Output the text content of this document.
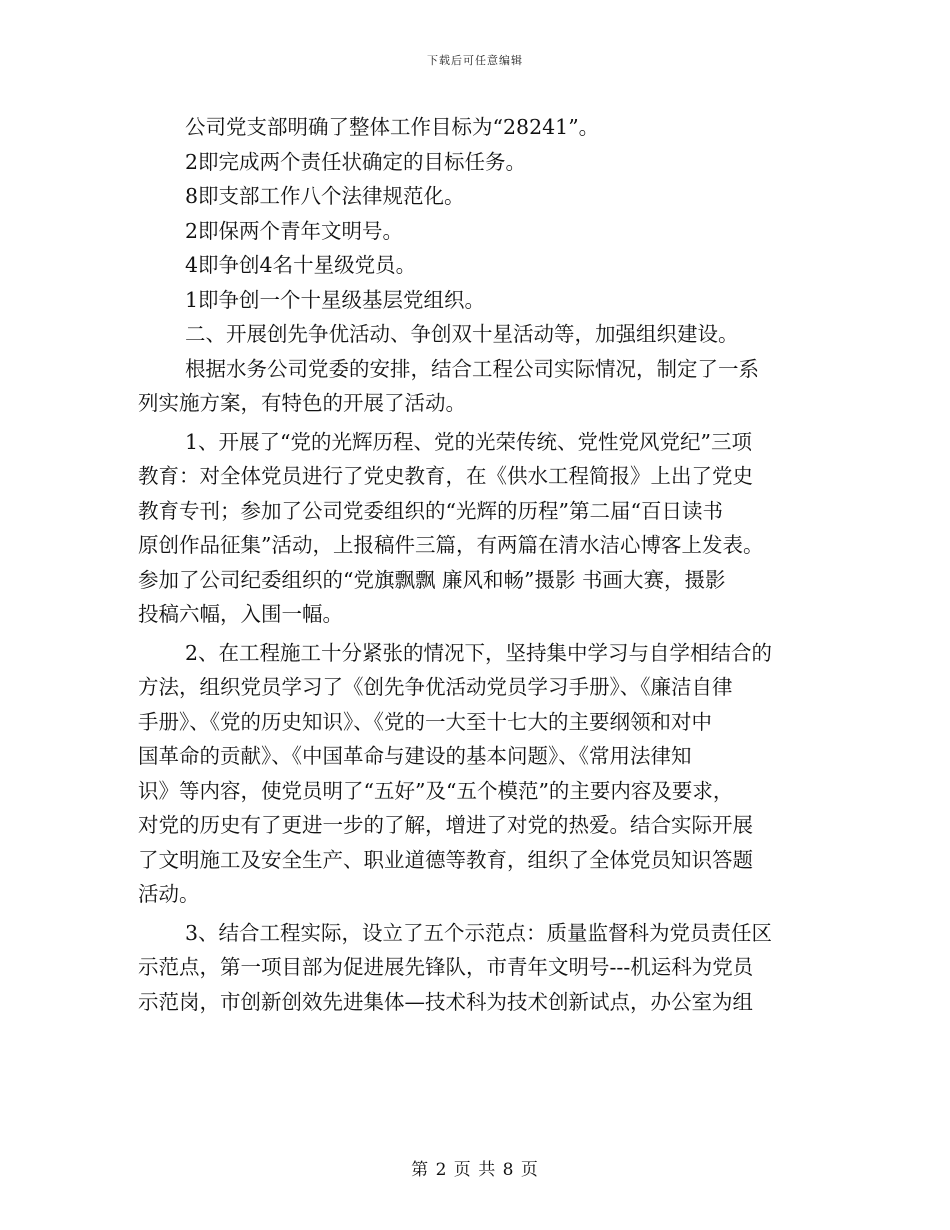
下载后可任意编辑

公司党支部明确了整体工作目标为“28241”。

2即完成两个责任状确定的目标任务。

8即支部工作八个法律规范化。

2即保两个青年文明号。

4即争创4名十星级党员。

1即争创一个十星级基层党组织。

二、开展创先争优活动、争创双十星活动等，加强组织建设。

根据水务公司党委的安排，结合工程公司实际情况，制定了一系

列实施方案，有特色的开展了活动。

1、开展了“党的光辉历程、党的光荣传统、党性党风党纪”三项

教育：对全体党员进行了党史教育，在《供水工程简报》上出了党史

教育专刊；参加了公司党委组织的“光辉的历程”第二届“百日读书

原创作品征集”活动，上报稿件三篇，有两篇在清水洁心博客上发表。

参加了公司纪委组织的“党旗飘飘 廉风和畅”摄影 书画大赛，摄影

投稿六幅，入围一幅。

2、在工程施工十分紧张的情况下，坚持集中学习与自学相结合的

方法，组织党员学习了《创先争优活动党员学习手册》、《廉洁自律

手册》、《党的历史知识》、《党的一大至十七大的主要纲领和对中

国革命的贡献》、《中国革命与建设的基本问题》、《常用法律知

识》等内容，使党员明了“五好”及“五个模范”的主要内容及要求，

对党的历史有了更进一步的了解，增进了对党的热爱。结合实际开展

了文明施工及安全生产、职业道德等教育，组织了全体党员知识答题

活动。

3、结合工程实际，设立了五个示范点：质量监督科为党员责任区

示范点，第一项目部为促进展先锋队，市青年文明号---机运科为党员

示范岗，市创新创效先进集体—技术科为技术创新试点，办公室为组

第 2 页 共 8 页
